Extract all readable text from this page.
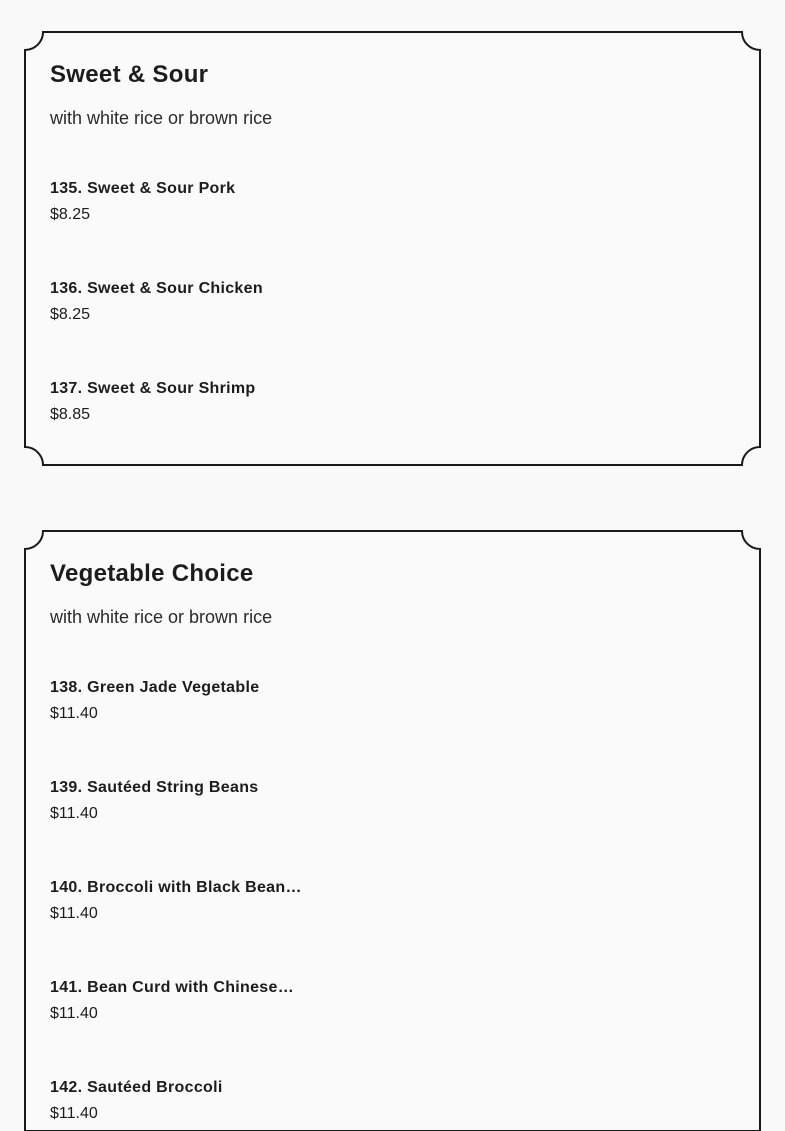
Sweet & Sour
with white rice or brown rice
135. Sweet & Sour Pork
$8.25
136. Sweet & Sour Chicken
$8.25
137. Sweet & Sour Shrimp
$8.85
Vegetable Choice
with white rice or brown rice
138. Green Jade Vegetable
$11.40
139. Sautéed String Beans
$11.40
140. Broccoli with Black Bean…
$11.40
141. Bean Curd with Chinese…
$11.40
142. Sautéed Broccoli
$11.40
